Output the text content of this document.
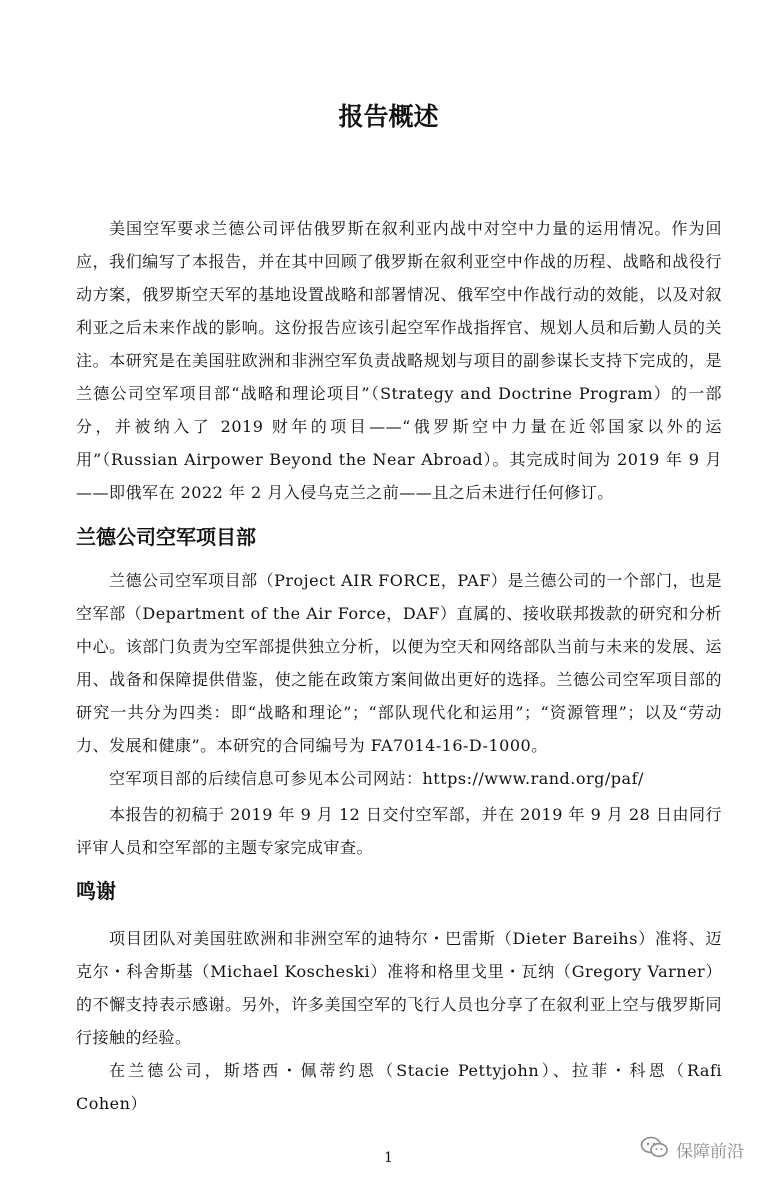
报告概述

美国空军要求兰德公司评估俄罗斯在叙利亚内战中对空中力量的运用情况。作为回应，我们编写了本报告，并在其中回顾了俄罗斯在叙利亚空中作战的历程、战略和战役行动方案，俄罗斯空天军的基地设置战略和部署情况、俄军空中作战行动的效能，以及对叙利亚之后未来作战的影响。这份报告应该引起空军作战指挥官、规划人员和后勤人员的关注。本研究是在美国驻欧洲和非洲空军负责战略规划与项目的副参谋长支持下完成的，是兰德公司空军项目部“战略和理论项目”（Strategy and Doctrine Program）的一部分，并被纳入了 2019 财年的项目——“俄罗斯空中力量在近邻国家以外的运用”（Russian Airpower Beyond the Near Abroad）。其完成时间为 2019 年 9 月——即俄军在 2022 年 2 月入侵乌克兰之前——且之后未进行任何修订。

兰德公司空军项目部

兰德公司空军项目部（Project AIR FORCE，PAF）是兰德公司的一个部门，也是空军部（Department of the Air Force，DAF）直属的、接收联邦拨款的研究和分析中心。该部门负责为空军部提供独立分析，以便为空天和网络部队当前与未来的发展、运用、战备和保障提供借鉴，使之能在政策方案间做出更好的选择。兰德公司空军项目部的研究一共分为四类：即“战略和理论”；“部队现代化和运用”；“资源管理”；以及“劳动力、发展和健康”。本研究的合同编号为 FA7014-16-D-1000。

空军项目部的后续信息可参见本公司网站：https://www.rand.org/paf/

本报告的初稿于 2019 年 9 月 12 日交付空军部，并在 2019 年 9 月 28 日由同行评审人员和空军部的主题专家完成审查。

鸣谢

项目团队对美国驻欧洲和非洲空军的迪特尔・巴雷斯（Dieter Bareihs）准将、迈克尔・科舍斯基（Michael Koscheski）准将和格里戈里・瓦纳（Gregory Varner）的不懈支持表示感谢。另外，许多美国空军的飞行人员也分享了在叙利亚上空与俄罗斯同行接触的经验。

在兰德公司，斯塔西・佩蒂约恩（Stacie Pettyjohn）、拉菲・科恩（Rafi Cohen）

1	保障前沿
